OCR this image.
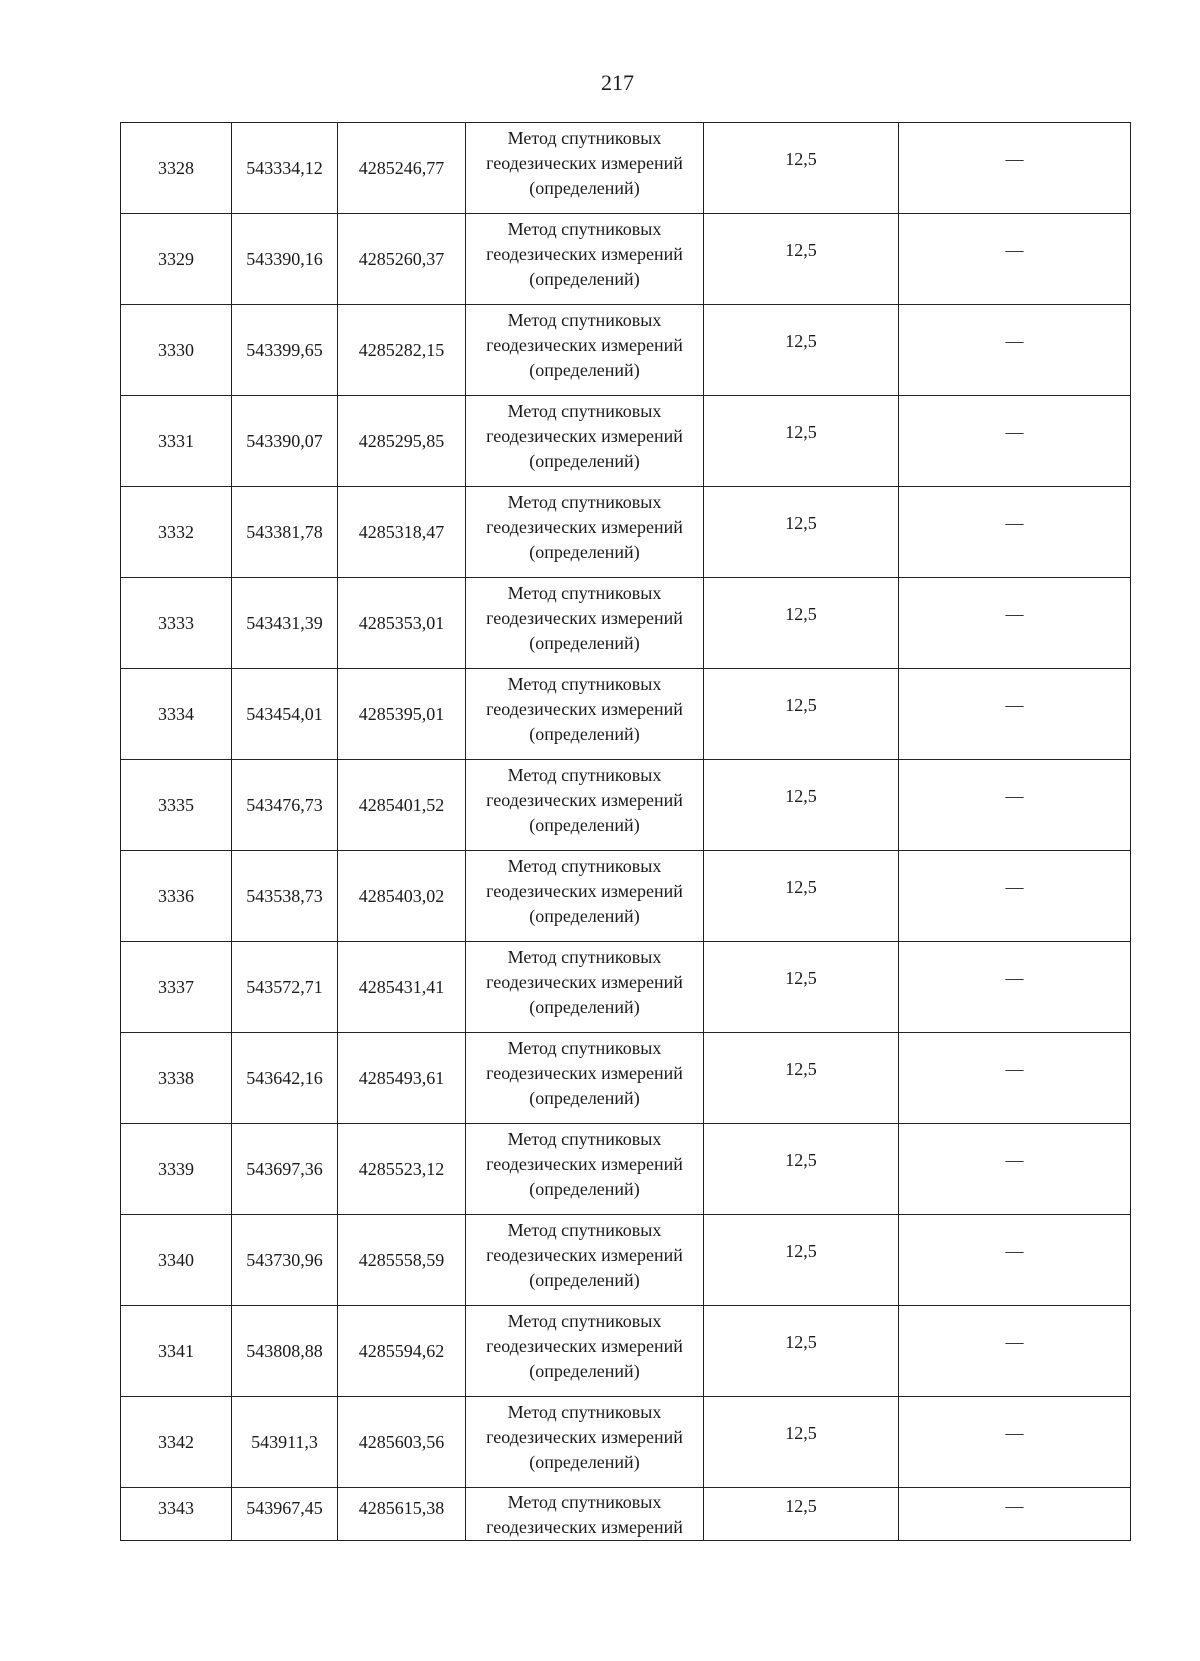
217
3328	543334,12	4285246,77	Метод спутниковых
геодезических измерений
(определений)	12,5	—
3329	543390,16	4285260,37	Метод спутниковых
геодезических измерений
(определений)	12,5	—
3330	543399,65	4285282,15	Метод спутниковых
геодезических измерений
(определений)	12,5	—
3331	543390,07	4285295,85	Метод спутниковых
геодезических измерений
(определений)	12,5	—
3332	543381,78	4285318,47	Метод спутниковых
геодезических измерений
(определений)	12,5	—
3333	543431,39	4285353,01	Метод спутниковых
геодезических измерений
(определений)	12,5	—
3334	543454,01	4285395,01	Метод спутниковых
геодезических измерений
(определений)	12,5	—
3335	543476,73	4285401,52	Метод спутниковых
геодезических измерений
(определений)	12,5	—
3336	543538,73	4285403,02	Метод спутниковых
геодезических измерений
(определений)	12,5	—
3337	543572,71	4285431,41	Метод спутниковых
геодезических измерений
(определений)	12,5	—
3338	543642,16	4285493,61	Метод спутниковых
геодезических измерений
(определений)	12,5	—
3339	543697,36	4285523,12	Метод спутниковых
геодезических измерений
(определений)	12,5	—
3340	543730,96	4285558,59	Метод спутниковых
геодезических измерений
(определений)	12,5	—
3341	543808,88	4285594,62	Метод спутниковых
геодезических измерений
(определений)	12,5	—
3342	543911,3	4285603,56	Метод спутниковых
геодезических измерений
(определений)	12,5	—
3343	543967,45	4285615,38	Метод спутниковых
геодезических измерений	12,5	—
